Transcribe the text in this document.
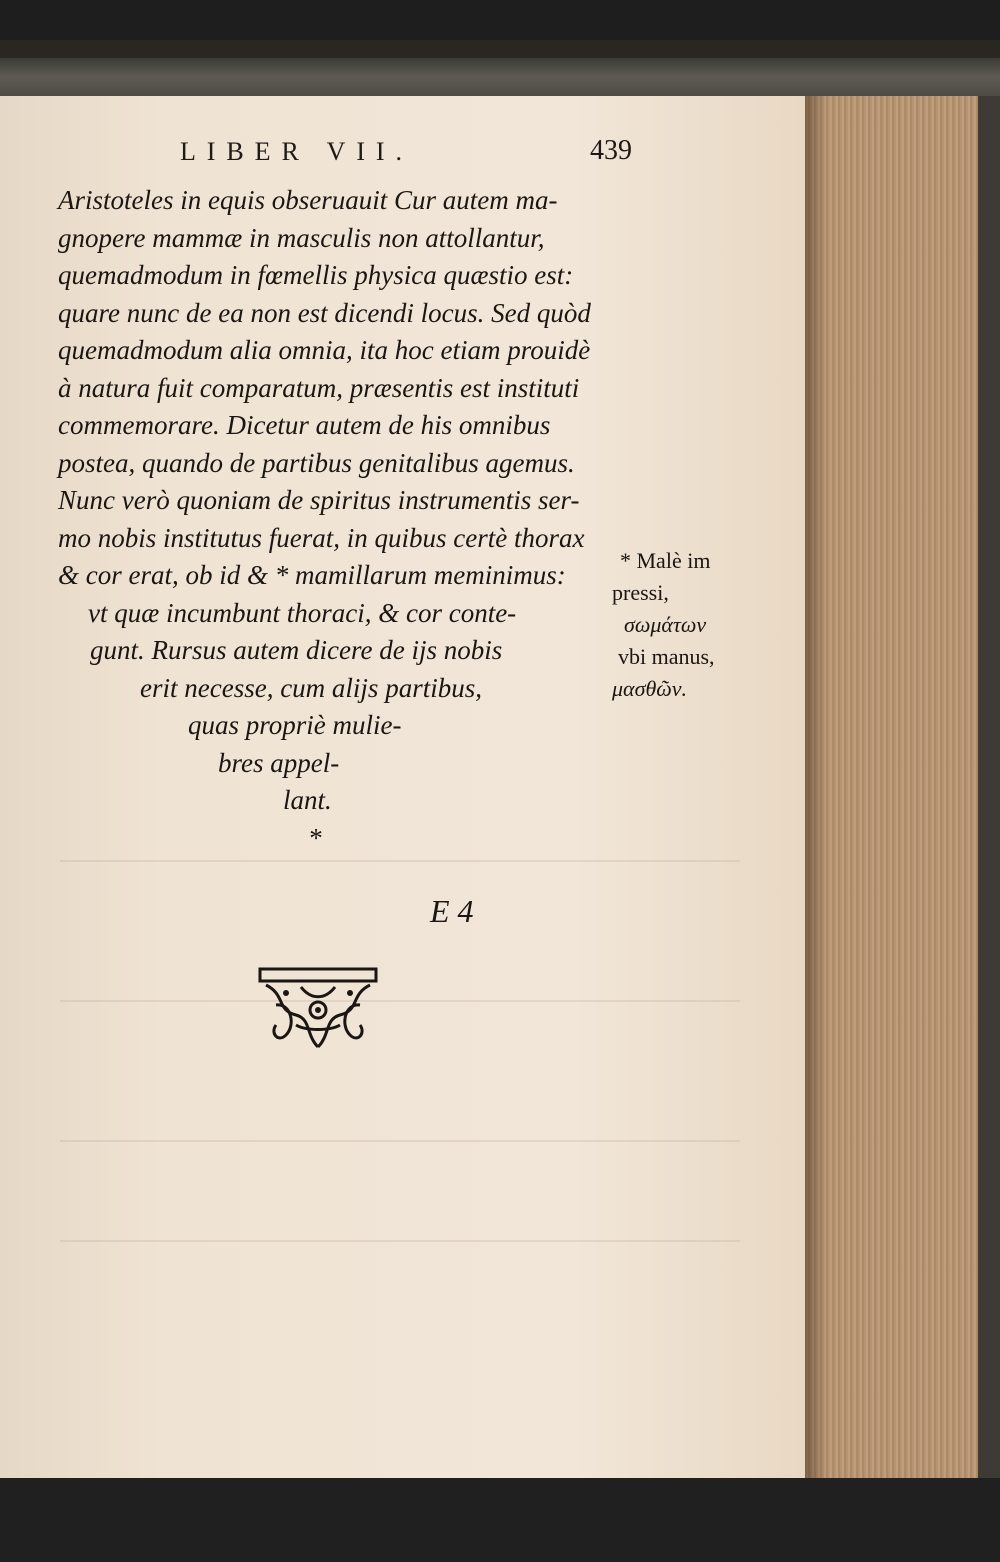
LIBER VII.	439
Aristoteles in equis obseruauit Cur autem ma-
gnopere mammæ in masculis non attollantur,
quemadmodum in fœmellis physica quæstio est:
quare nunc de ea non est dicendi locus. Sed quòd
quemadmodum alia omnia, ita hoc etiam prouidè
à natura fuit comparatum, præsentis est instituti
commemorare. Dicetur autem de his omnibus
postea, quando de partibus genitalibus agemus.
Nunc verò quoniam de spiritus instrumentis ser-
mo nobis institutus fuerat, in quibus certè thorax
& cor erat, ob id & * mamillarum meminimus:
vt quæ incumbunt thoraci, & cor conte-
gunt. Rursus autem dicere de ijs nobis
erit necesse, cum alijs partibus,
quas propriè mulie-
bres appel-
lant.
*
* Malè im
pressi,
σωμάτων
vbi manus,
μασθῶν.
E 4
